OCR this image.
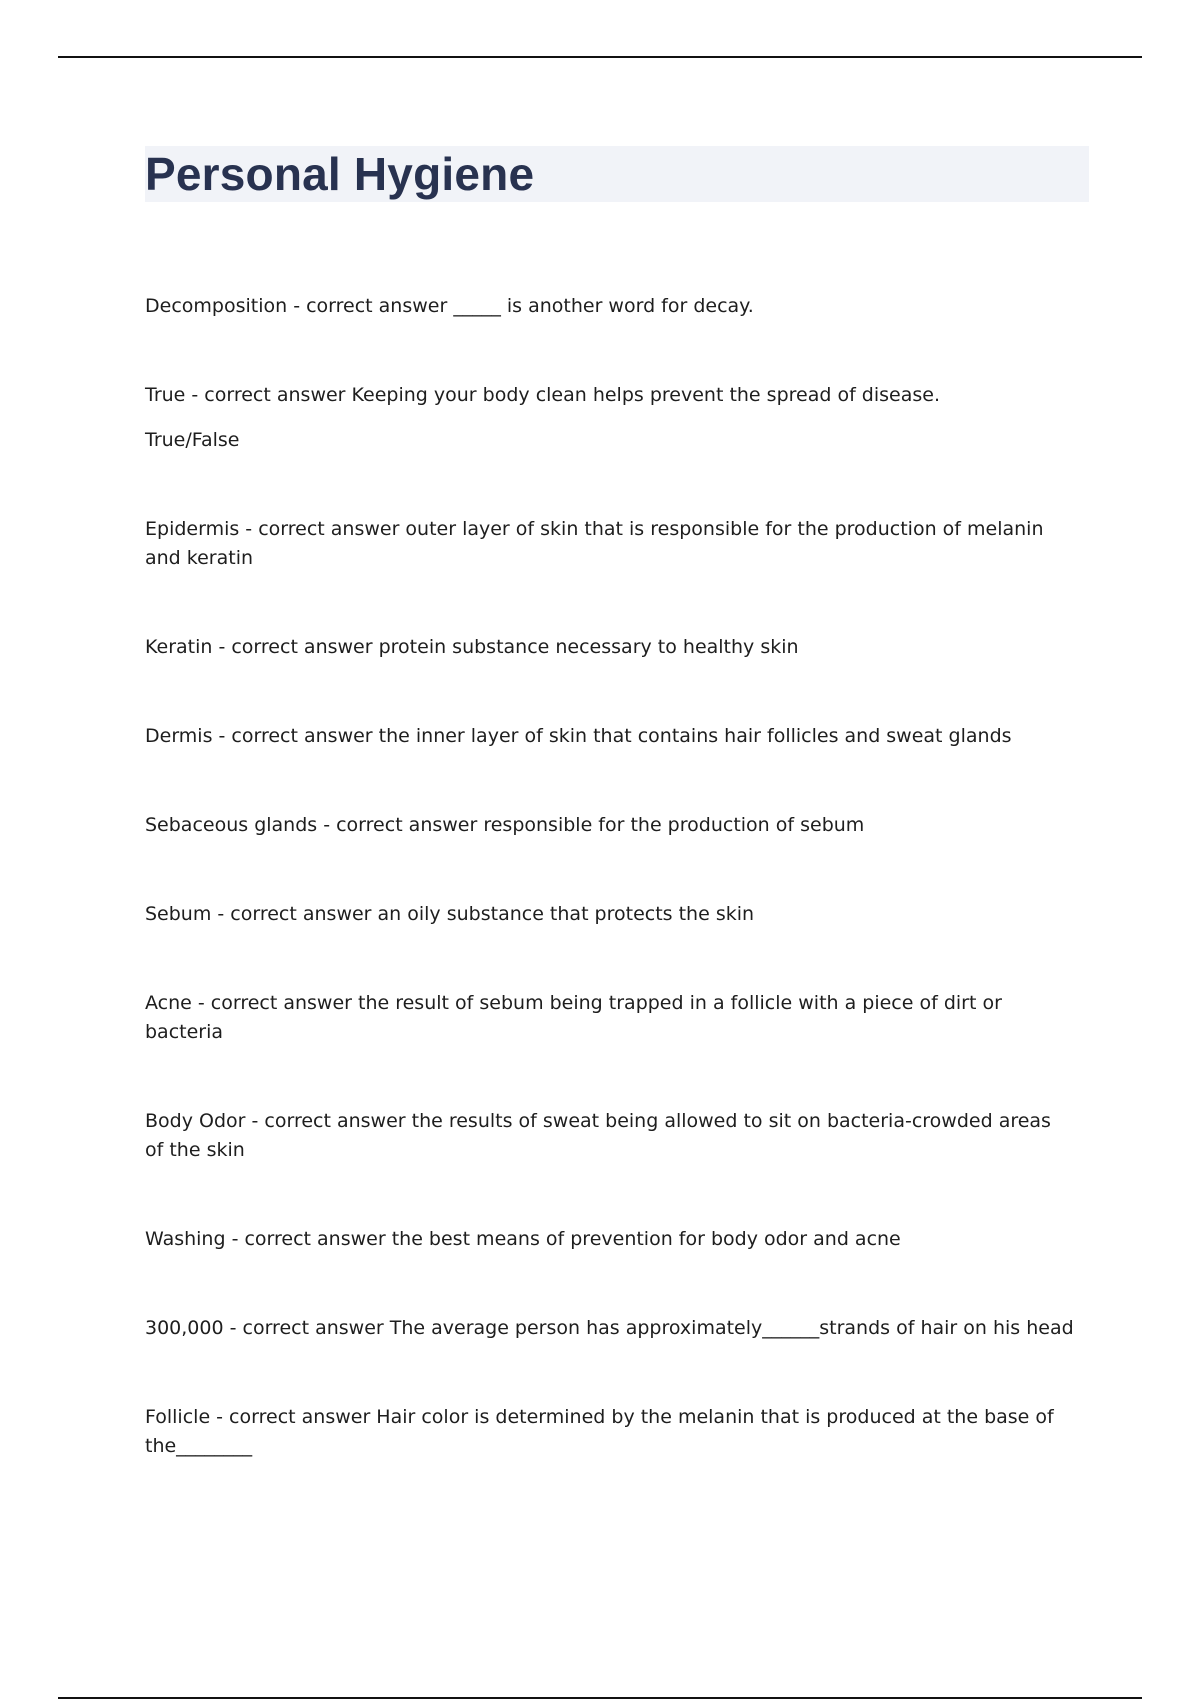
Personal Hygiene

Decomposition - correct answer _____ is another word for decay.

True - correct answer Keeping your body clean helps prevent the spread of disease.

True/False

Epidermis - correct answer outer layer of skin that is responsible for the production of melanin and keratin

Keratin - correct answer protein substance necessary to healthy skin

Dermis - correct answer the inner layer of skin that contains hair follicles and sweat glands

Sebaceous glands - correct answer responsible for the production of sebum

Sebum - correct answer an oily substance that protects the skin

Acne - correct answer the result of sebum being trapped in a follicle with a piece of dirt or bacteria

Body Odor - correct answer the results of sweat being allowed to sit on bacteria-crowded areas of the skin

Washing - correct answer the best means of prevention for body odor and acne

300,000 - correct answer The average person has approximately______strands of hair on his head

Follicle - correct answer Hair color is determined by the melanin that is produced at the base of the________
